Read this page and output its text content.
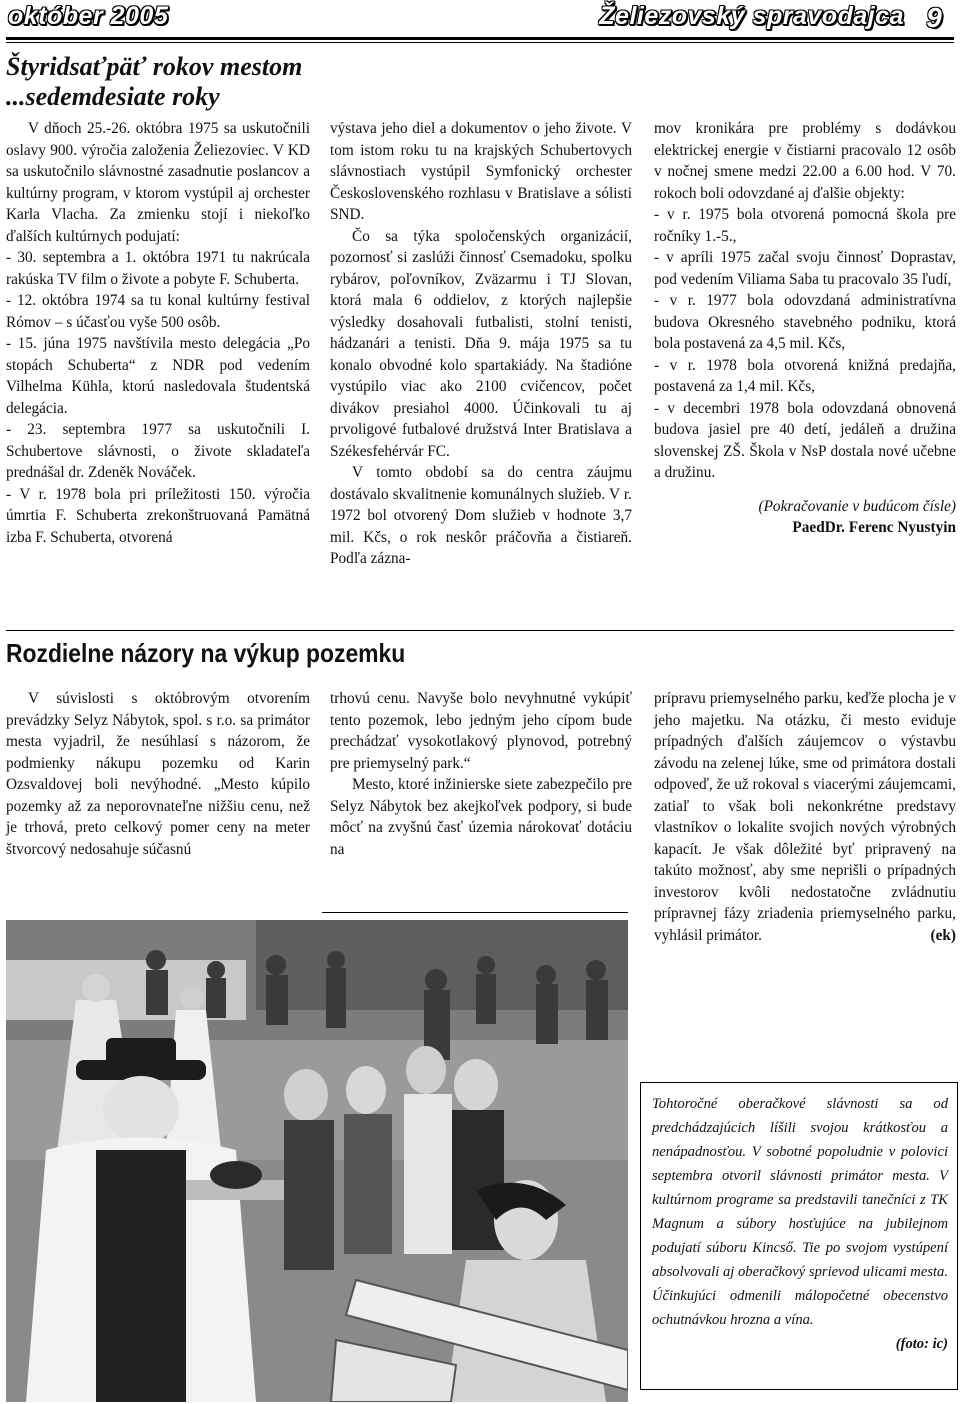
október 2005	Želiezovský spravodajca 9
Štyridsaťpäť rokov mestom
...sedemdesiate roky

V dňoch 25.-26. októbra 1975 sa uskutočnili oslavy 900. výročia založenia Želiezoviec. V KD sa uskutočnilo slávnostné zasadnutie poslancov a kultúrny program, v ktorom vystúpil aj orchester Karla Vlacha. Za zmienku stojí i niekoľko ďalších kultúrnych podujatí:

- 30. septembra a 1. októbra 1971 tu nakrúcala rakúska TV film o živote a pobyte F. Schuberta.

- 12. októbra 1974 sa tu konal kultúrny festival Rómov – s účasťou vyše 500 osôb.

- 15. júna 1975 navštívila mesto delegácia „Po stopách Schuberta“ z NDR pod vedením Vilhelma Kühla, ktorú nasledovala študentská delegácia.

- 23. septembra 1977 sa uskutočnili I. Schubertove slávnosti, o živote skladateľa prednášal dr. Zdeněk Nováček.

- V r. 1978 bola pri príležitosti 150. výročia úmrtia F. Schuberta zrekonštruovaná Pamätná izba F. Schuberta, otvorená

výstava jeho diel a dokumentov o jeho živote. V tom istom roku tu na krajských Schubertovych slávnostiach vystúpil Symfonický orchester Československého rozhlasu v Bratislave a sólisti SND.

Čo sa týka spoločenských organizácií, pozornosť si zaslúži činnosť Csemadoku, spolku rybárov, poľovníkov, Zväzarmu i TJ Slovan, ktorá mala 6 oddielov, z ktorých najlepšie výsledky dosahovali futbalisti, stolní tenisti, hádzanári a tenisti. Dňa 9. mája 1975 sa tu konalo obvodné kolo spartakiády. Na štadióne vystúpilo viac ako 2100 cvičencov, počet divákov presiahol 4000. Účinkovali tu aj prvoligové futbalové družstvá Inter Bratislava a Székesfehérvár FC.

V tomto období sa do centra záujmu dostávalo skvalitnenie komunálnych služieb. V r. 1972 bol otvorený Dom služieb v hodnote 3,7 mil. Kčs, o rok neskôr práčovňa a čistiareň. Podľa zázna-

mov kronikára pre problémy s dodávkou elektrickej energie v čistiarni pracovalo 12 osôb v nočnej smene medzi 22.00 a 6.00 hod. V 70. rokoch boli odovzdané aj ďalšie objekty:

- v r. 1975 bola otvorená pomocná škola pre ročníky 1.-5.,

- v apríli 1975 začal svoju činnosť Doprastav, pod vedením Viliama Saba tu pracovalo 35 ľudí,

- v r. 1977 bola odovzdaná administratívna budova Okresného stavebného podniku, ktorá bola postavená za 4,5 mil. Kčs,

- v r. 1978 bola otvorená knižná predajňa, postavená za 1,4 mil. Kčs,

- v decembri 1978 bola odovzdaná obnovená budova jasiel pre 40 detí, jedáleň a družina slovenskej ZŠ. Škola v NsP dostala nové učebne a družinu.

(Pokračovanie v budúcom čísle)

PaedDr. Ferenc Nyustyin

Rozdielne názory na výkup pozemku

V súvislosti s októbrovým otvorením prevádzky Selyz Nábytok, spol. s r.o. sa primátor mesta vyjadril, že nesúhlasí s názorom, že podmienky nákupu pozemku od Karin Ozsvaldovej boli nevýhodné. „Mesto kúpilo pozemky až za neporovnateľne nižšiu cenu, než je trhová, preto celkový pomer ceny na meter štvorcový nedosahuje súčasnú

trhovú cenu. Navyše bolo nevyhnutné vykúpiť tento pozemok, lebo jedným jeho cípom bude prechádzať vysokotlakový plynovod, potrebný pre priemyselný park.“

Mesto, ktoré inžinierske siete zabezpečilo pre Selyz Nábytok bez akejkoľvek podpory, si bude môcť na zvyšnú časť územia nárokovať dotáciu na

prípravu priemyselného parku, keďže plocha je v jeho majetku. Na otázku, či mesto eviduje prípadných ďalších záujemcov o výstavbu závodu na zelenej lúke, sme od primátora dostali odpoveď, že už rokoval s viacerými záujemcami, zatiaľ to však boli nekonkrétne predstavy vlastníkov o lokalite svojich nových výrobných kapacít. Je však dôležité byť pripravený na takúto možnosť, aby sme neprišli o prípadných investorov kvôli nedostatočne zvládnutiu prípravnej fázy zriadenia priemyselného parku, vyhlásil primátor.	(ek)

Tohtoročné oberačkové slávnosti sa od predchádzajúcich líšili svojou krátkosťou a nenápadnosťou. V sobotné popoludnie v polovici septembra otvoril slávnosti primátor mesta. V kultúrnom programe sa predstavili tanečníci z TK Magnum a súbory hosťujúce na jubilejnom podujatí súboru Kincső. Tie po svojom vystúpení absolvovali aj oberačkový sprievod ulicami mesta. Účinkujúci odmenili málopočetné obecenstvo ochutnávkou hrozna a vína.

(foto: ic)
